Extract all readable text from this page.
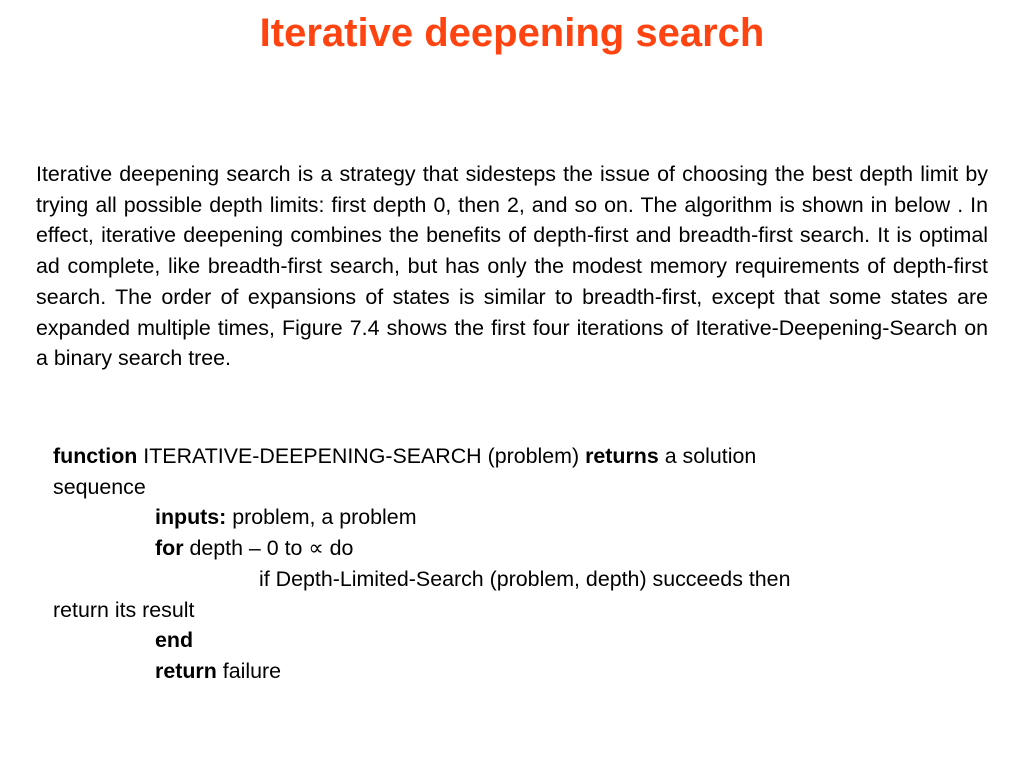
Iterative deepening search

Iterative deepening search is a strategy that sidesteps the issue of choosing the best depth limit by trying all possible depth limits: first depth 0, then 2, and so on. The algorithm is shown in below . In effect, iterative deepening combines the benefits of depth-first and breadth-first search. It is optimal ad complete, like breadth-first search, but has only the modest memory requirements of depth-first search. The order of expansions of states is similar to breadth-first, except that some states are expanded multiple times, Figure 7.4 shows the first four iterations of Iterative-Deepening-Search on a binary search tree.

function ITERATIVE-DEEPENING-SEARCH (problem) returns a solution
sequence
inputs: problem, a problem
for depth – 0 to ∝ do
if Depth-Limited-Search (problem, depth) succeeds then
return its result
end
return failure
